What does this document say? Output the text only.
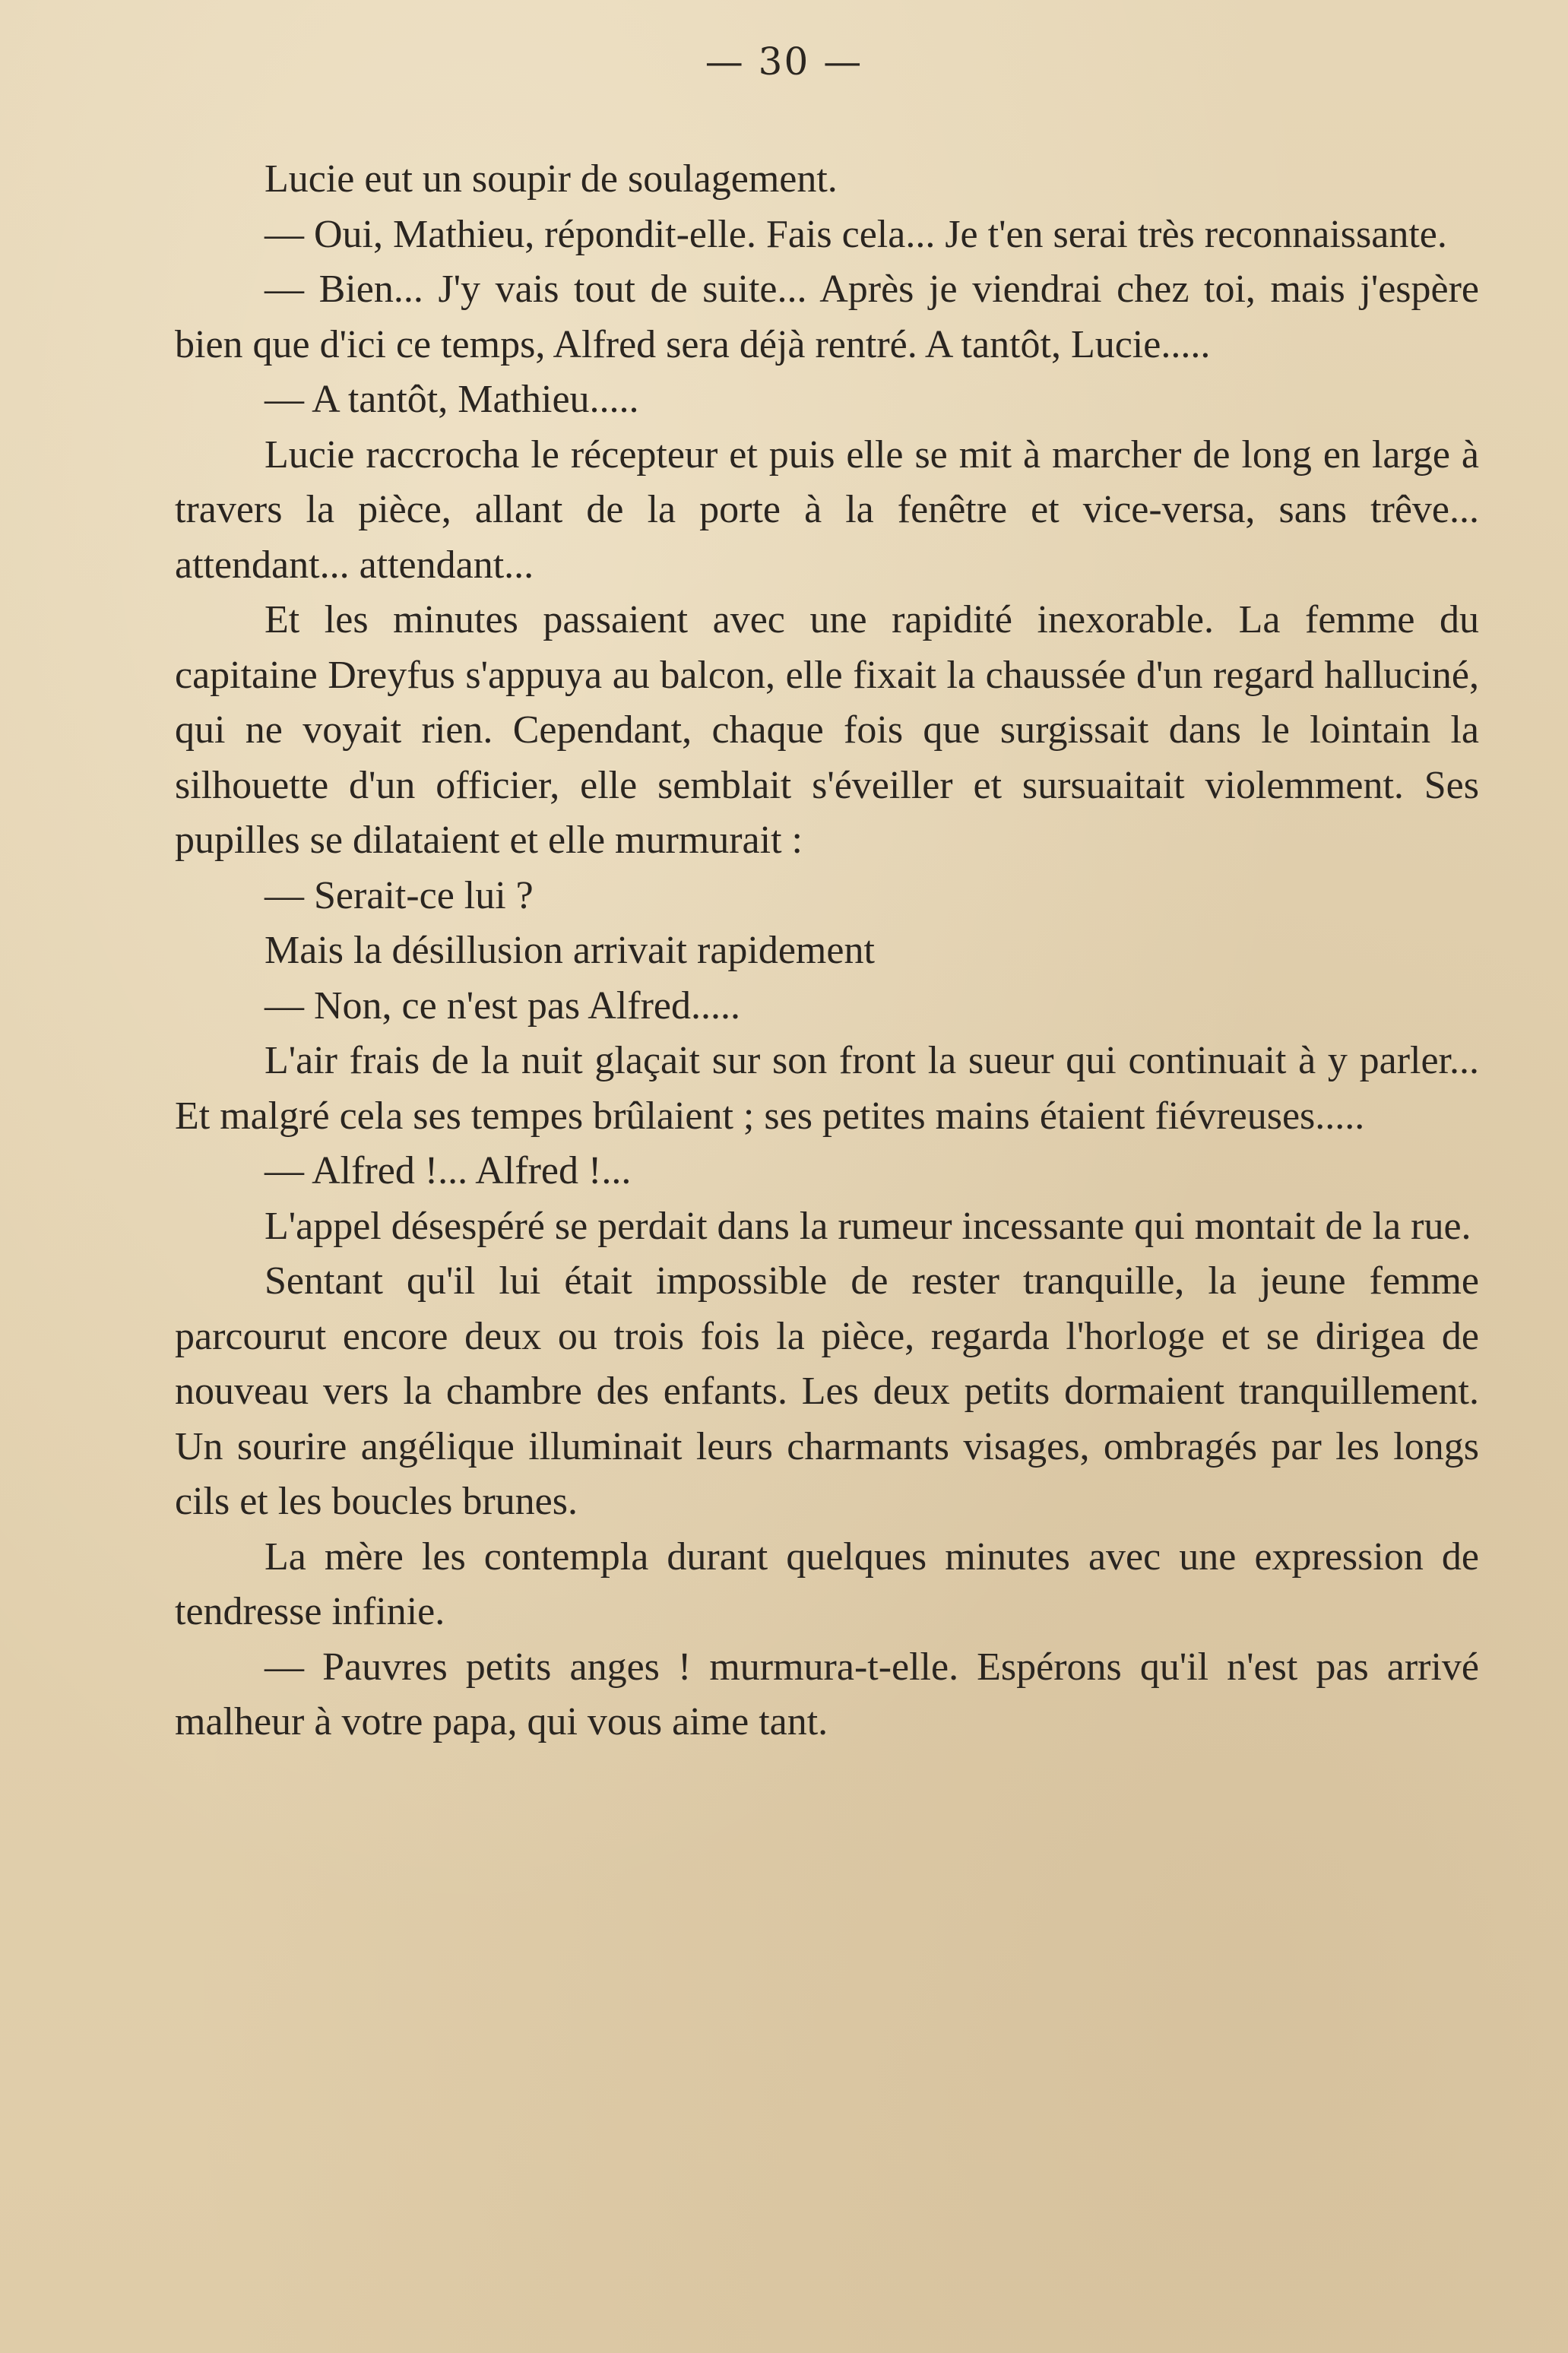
— 30 —

Lucie eut un soupir de soulagement.

— Oui, Mathieu, répondit-elle. Fais cela... Je t'en serai très reconnaissante.

— Bien... J'y vais tout de suite... Après je viendrai chez toi, mais j'espère bien que d'ici ce temps, Alfred sera déjà rentré. A tantôt, Lucie.....

— A tantôt, Mathieu.....

Lucie raccrocha le récepteur et puis elle se mit à marcher de long en large à travers la pièce, allant de la porte à la fenêtre et vice-versa, sans trêve... attendant... attendant...

Et les minutes passaient avec une rapidité inexorable. La femme du capitaine Dreyfus s'appuya au balcon, elle fixait la chaussée d'un regard halluciné, qui ne voyait rien. Cependant, chaque fois que surgissait dans le lointain la silhouette d'un officier, elle semblait s'éveiller et sursuaitait violemment. Ses pupilles se dilataient et elle murmurait :

— Serait-ce lui ?

Mais la désillusion arrivait rapidement

— Non, ce n'est pas Alfred.....

L'air frais de la nuit glaçait sur son front la sueur qui continuait à y parler... Et malgré cela ses tempes brûlaient ; ses petites mains étaient fiévreuses.....

— Alfred !... Alfred !...

L'appel désespéré se perdait dans la rumeur incessante qui montait de la rue.

Sentant qu'il lui était impossible de rester tranquille, la jeune femme parcourut encore deux ou trois fois la pièce, regarda l'horloge et se dirigea de nouveau vers la chambre des enfants. Les deux petits dormaient tranquillement. Un sourire angélique illuminait leurs charmants visages, ombragés par les longs cils et les boucles brunes.

La mère les contempla durant quelques minutes avec une expression de tendresse infinie.

— Pauvres petits anges ! murmura-t-elle. Espérons qu'il n'est pas arrivé malheur à votre papa, qui vous aime tant.
